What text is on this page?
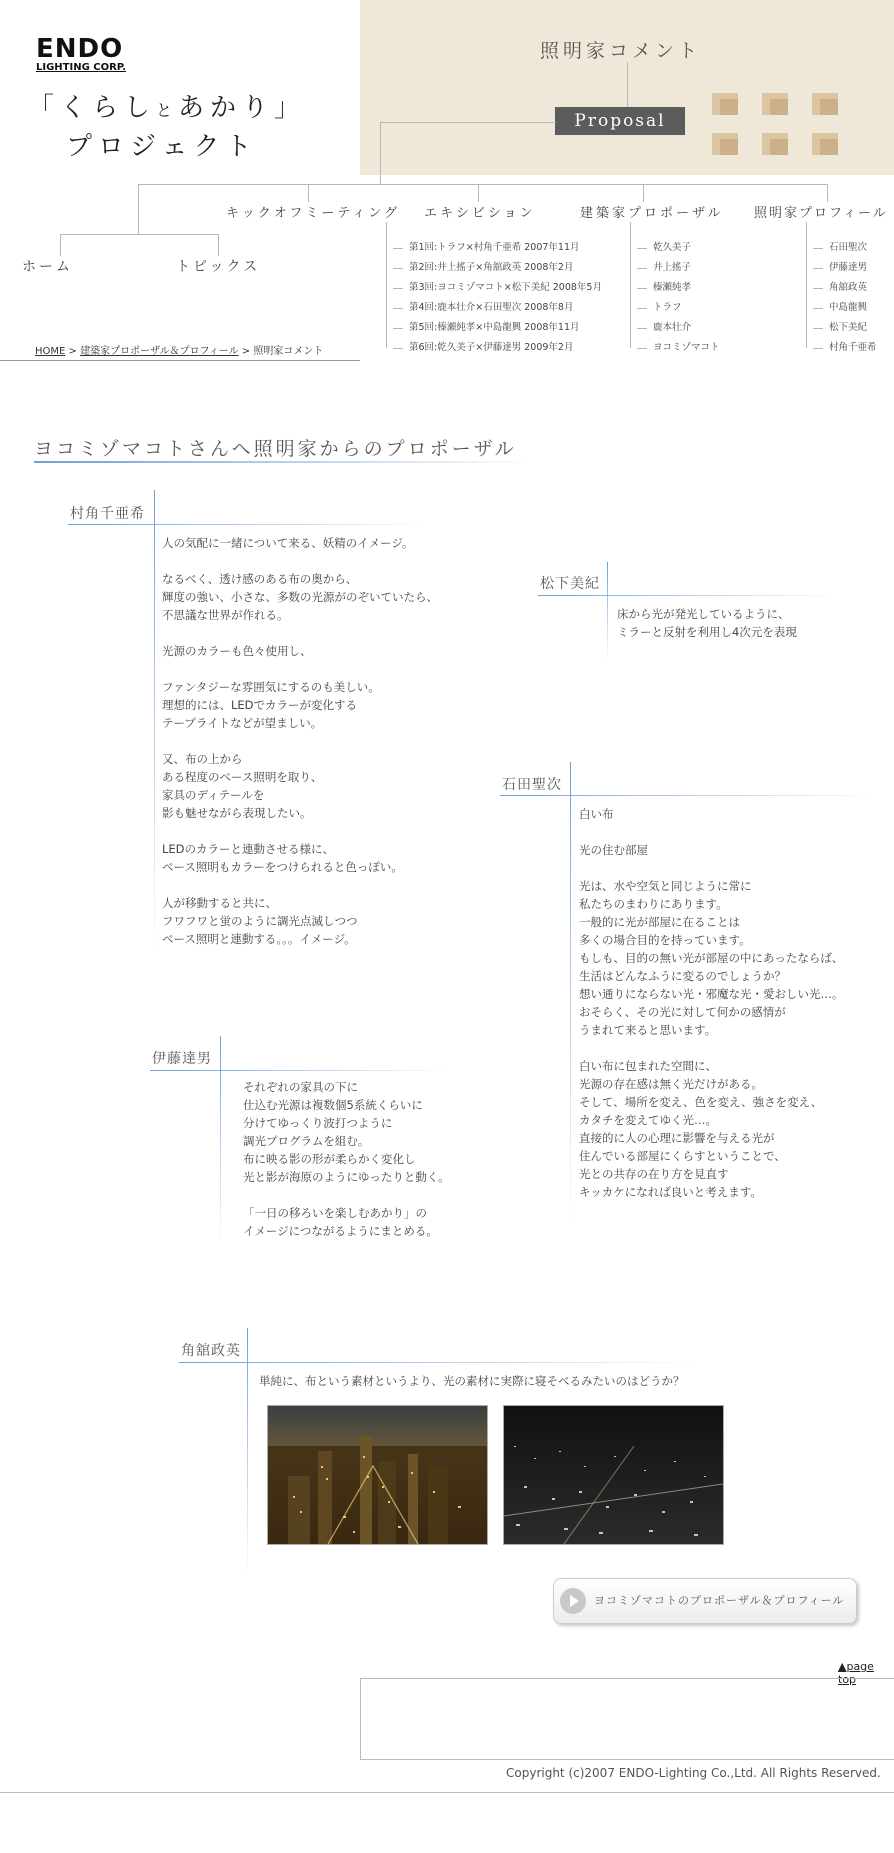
ENDO
LIGHTING CORP.
「くらしとあかり」
プロジェクト
照明家コメント
Proposal
ホーム	トピックス
キックオフミーティング エキシビション	建築家プロポーザル 照明家プロフィール
第1回:トラフ×村角千亜希 2007年11月
第2回:井上搖子×角舘政英 2008年2月
第3回:ヨコミゾマコト×松下美紀 2008年5月
第4回:鹿本壮介×石田聖次 2008年8月
第5回:榛瀬純孝×中島龍興 2008年11月
第6回:乾久美子×伊藤達男 2009年2月
乾久美子
井上搖子
榛瀬純孝
トラフ
鹿本壮介
ヨコミゾマコト
石田聖次
伊藤達男
角舘政英
中島龍興
松下美紀
村角千亜希
HOME > 建築家プロポーザル＆プロフィール > 照明家コメント
ヨコミゾマコトさんへ照明家からのプロポーザル
村角千亜希
人の気配に一緒について来る、妖精のイメージ。

なるべく、透け感のある布の奥から、
輝度の強い、小さな、多数の光源がのぞいていたら、
不思議な世界が作れる。

光源のカラーも色々使用し、

ファンタジーな雰囲気にするのも美しい。
理想的には、LEDでカラーが変化する
テープライトなどが望ましい。

又、布の上から
ある程度のベース照明を取り、
家具のディテールを
影も魅せながら表現したい。

LEDのカラーと連動させる様に、
ベース照明もカラーをつけられると色っぽい。

人が移動すると共に、
フワフワと蛍のように調光点滅しつつ
ベース照明と連動する。。。イメージ。
松下美紀
床から光が発光しているように、
ミラーと反射を利用し4次元を表現
石田聖次
白い布

光の住む部屋

光は、水や空気と同じように常に
私たちのまわりにあります。
一般的に光が部屋に在ることは
多くの場合目的を持っています。
もしも、目的の無い光が部屋の中にあったならば、
生活はどんなふうに変るのでしょうか？
想い通りにならない光・邪魔な光・愛おしい光…。
おそらく、その光に対して何かの感情が
うまれて来ると思います。

白い布に包まれた空間に、
光源の存在感は無く光だけがある。
そして、場所を変え、色を変え、強さを変え、
カタチを変えてゆく光…。
直接的に人の心理に影響を与える光が
住んでいる部屋にくらすということで、
光との共存の在り方を見直す
キッカケになれば良いと考えます。
伊藤達男
それぞれの家具の下に
仕込む光源は複数個5系統くらいに
分けてゆっくり波打つように
調光プログラムを組む。
布に映る影の形が柔らかく変化し
光と影が海原のようにゆったりと動く。

「一日の移ろいを楽しむあかり」の
イメージにつながるようにまとめる。
角舘政英
単純に、布という素材というより、光の素材に実際に寝そべるみたいのはどうか？
ヨコミゾマコトのプロポーザル＆プロフィール
▲page top
Copyright (c)2007 ENDO-Lighting Co.,Ltd. All Rights Reserved.
